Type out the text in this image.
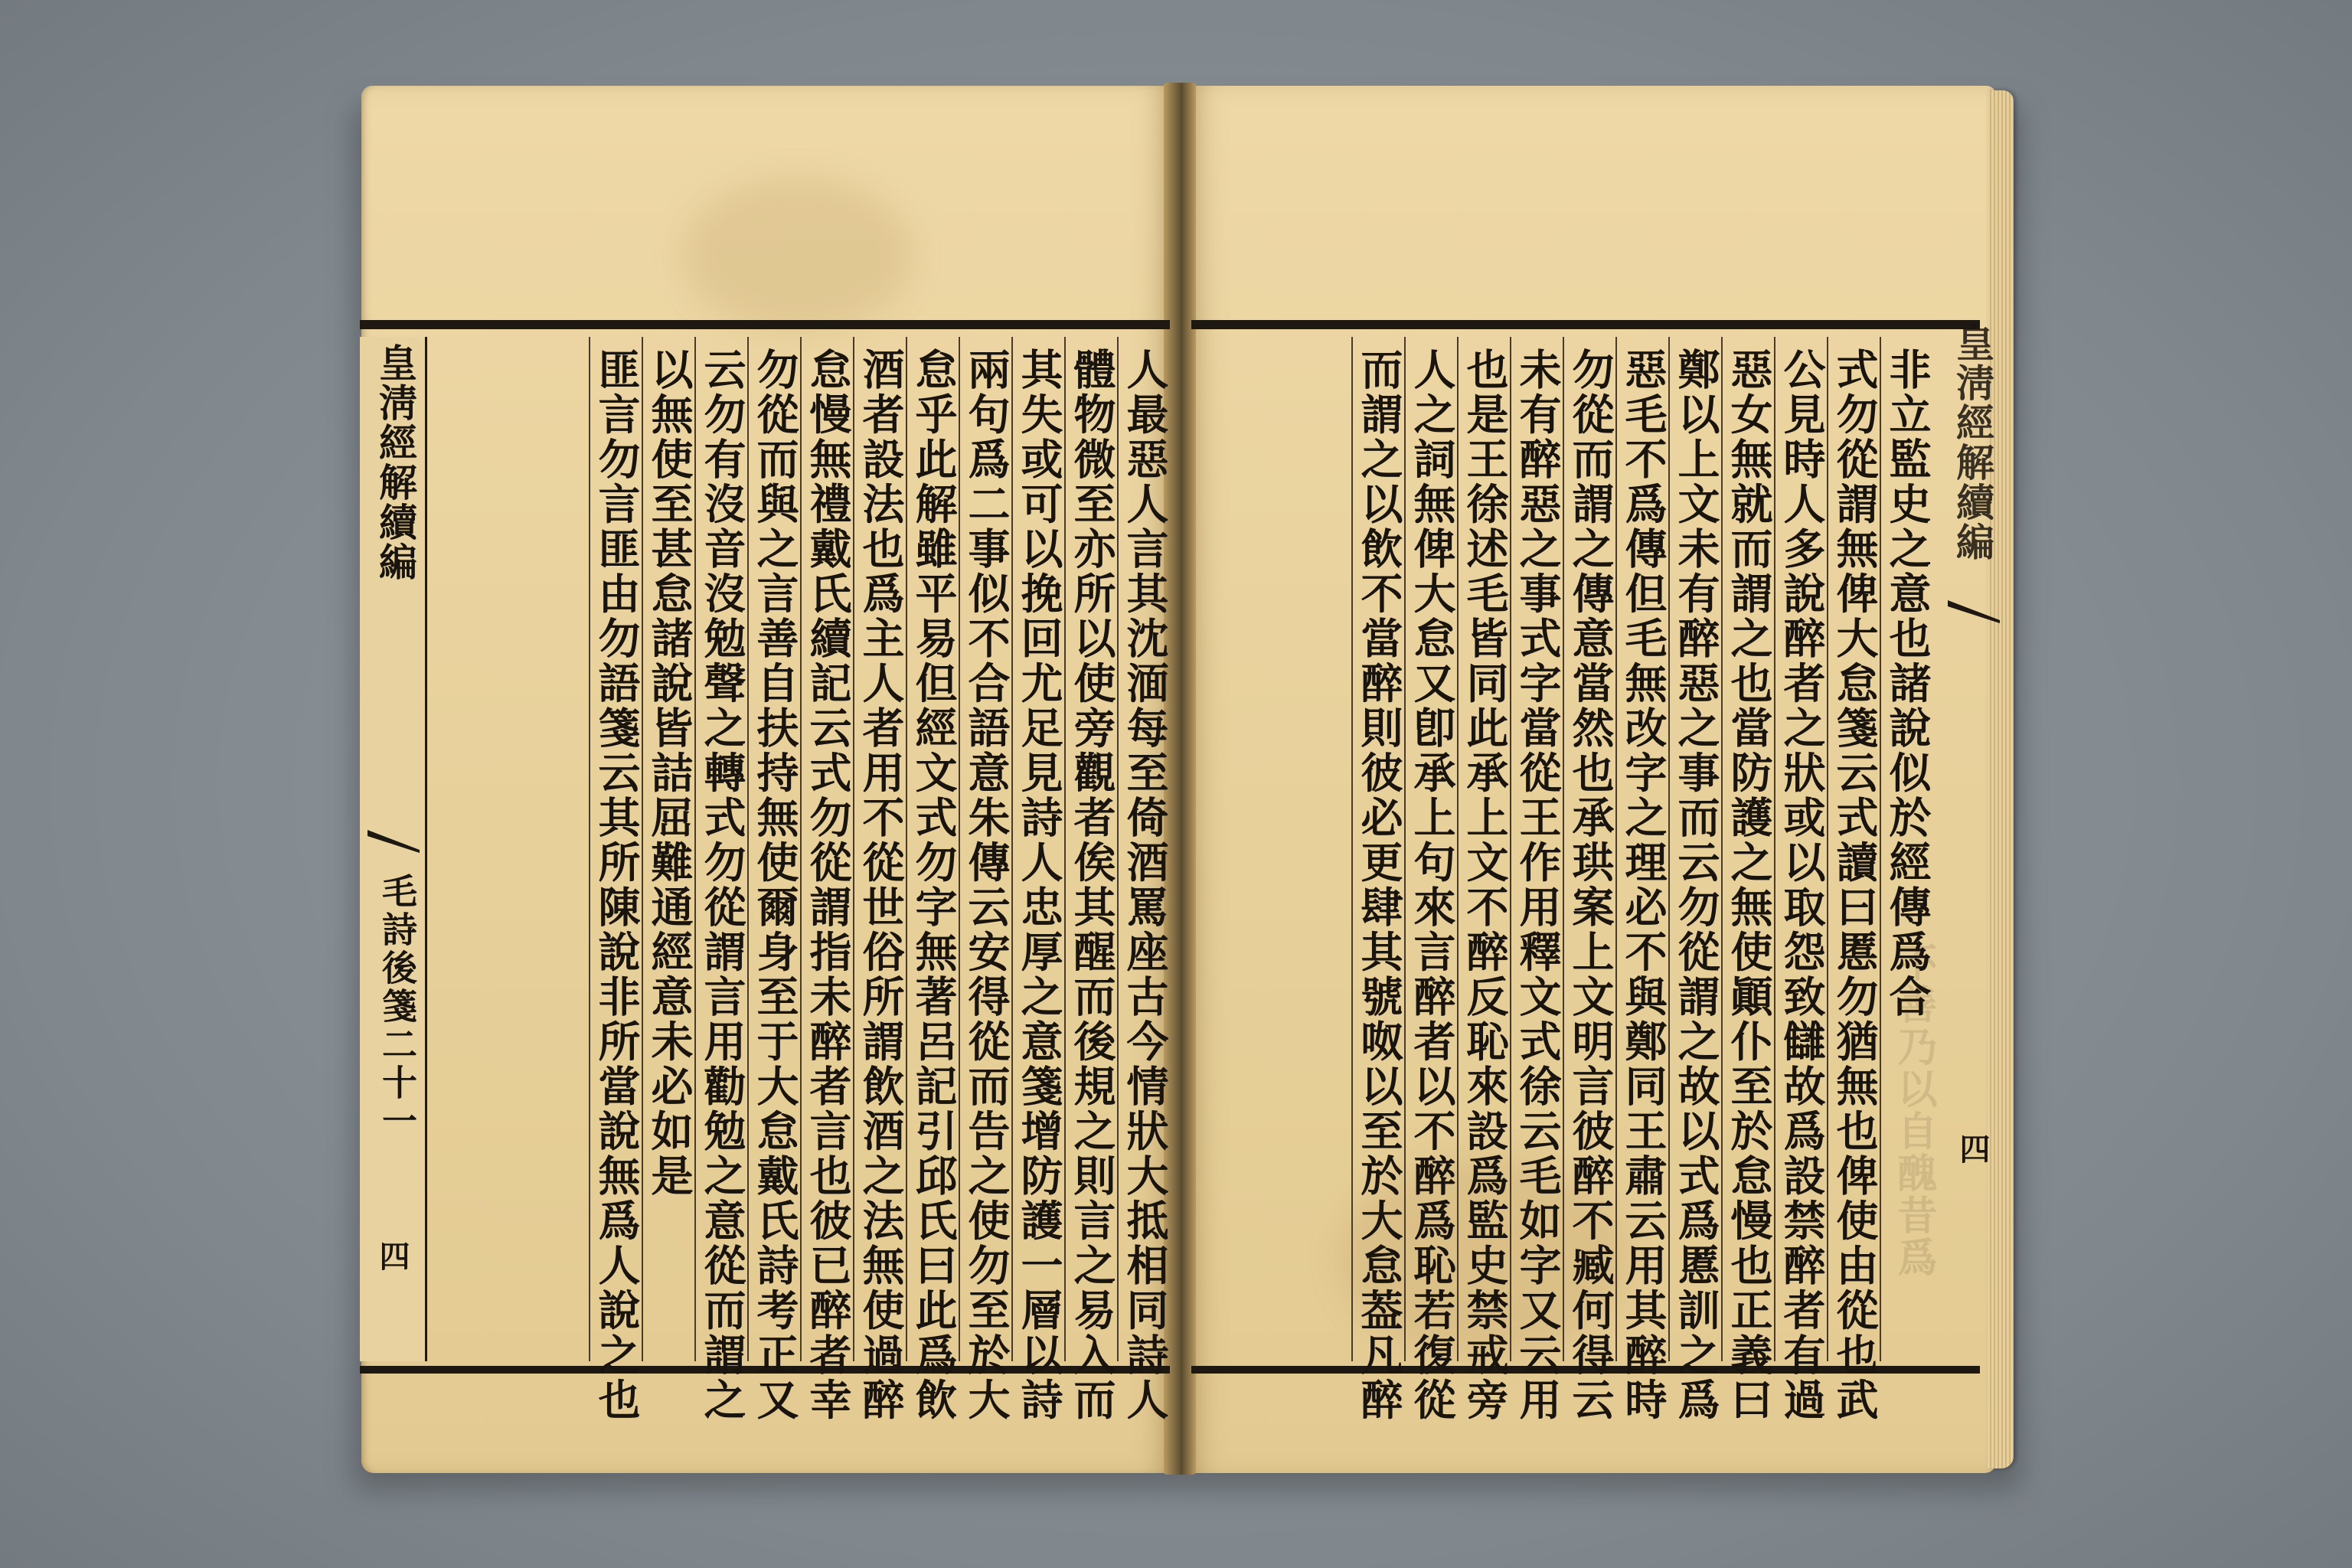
皇淸經解續編
毛詩後箋二十一
四	人最惡人言其沈湎每至倚酒罵座古今情狀大抵相同詩人
體物微至亦所以使旁觀者俟其醒而後規之則言之易入而
其失或可以挽回尤足見詩人忠厚之意箋增防護一層以詩
兩句爲二事似不合語意朱傳云安得從而告之使勿至於大
怠乎此解雖平易但經文式勿字無著呂記引邱氏曰此爲飲
酒者設法也爲主人者用不從世俗所謂飲酒之法無使過醉
怠慢無禮戴氏續記云式勿從謂指未醉者言也彼已醉者幸
勿從而與之言善自扶持無使爾身至于大怠戴氏詩考正又
云勿有沒音沒勉聲之轉式勿從謂言用勸勉之意從而謂之
以無使至甚怠諸說皆詰屈難通經意未必如是
匪言勿言匪由勿語箋云其所陳說非所當說無爲人說之也	非立監史之意也諸說似於經傳爲合
式勿從謂無俾大怠箋云式讀曰慝勿猶無也俾使由從也武
公見時人多說醉者之狀或以取怨致讎故爲設禁醉者有過
惡女無就而謂之也當防護之無使顚仆至於怠慢也正義曰
鄭以上文未有醉惡之事而云勿從謂之故以式爲慝訓之爲
惡毛不爲傳但毛無改字之理必不與鄭同王肅云用其醉時
勿從而謂之傳意當然也承珙案上文明言彼醉不臧何得云
未有醉惡之事式字當從王作用釋文式徐云毛如字又云用
也是王徐述毛皆同此承上文不醉反恥來設爲監史禁戒旁
人之詞無俾大怠又卽承上句來言醉者以不醉爲恥若復從
而謂之以飲不當醉則彼必更肆其號呶以至於大怠葢凡醉	皇淸經解續編
四
不善乃以自醜昔爲
